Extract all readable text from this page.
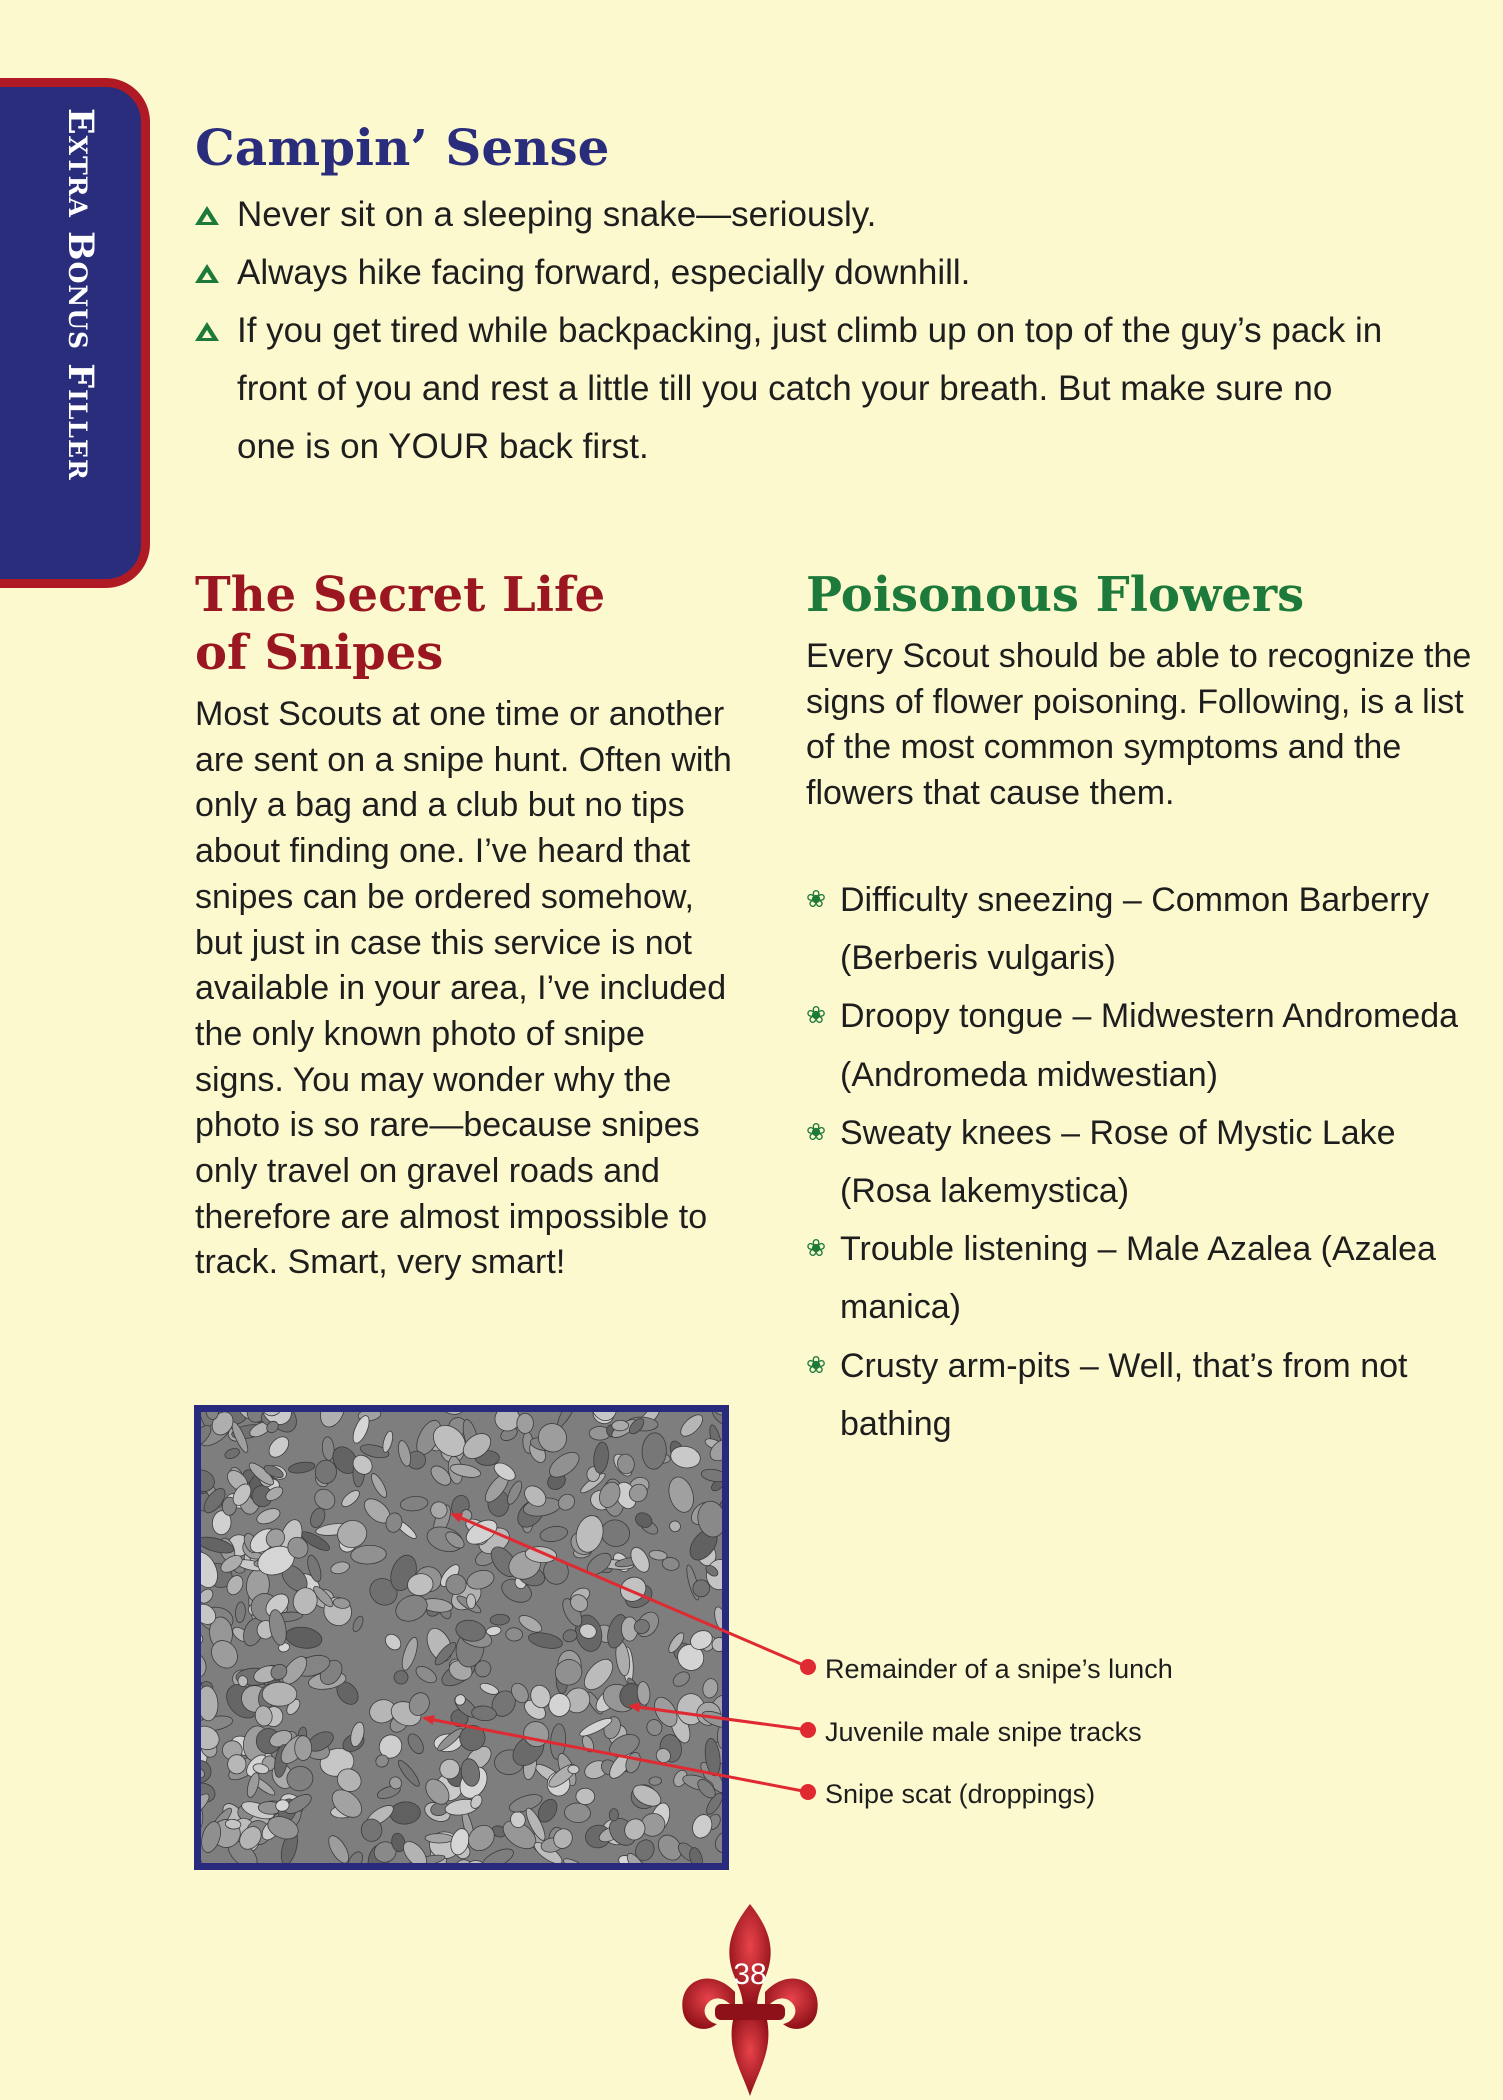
Extra Bonus Filler Campin’ Sense
Never sit on a sleeping snake—seriously.
Always hike facing forward, especially downhill.
If you get tired while backpacking, just climb up on top of the guy’s pack in front of you and rest a little till you catch your breath. But make sure no one is on YOUR back first.
The Secret Life
of Snipes

Most Scouts at one time or another are sent on a snipe hunt. Often with only a bag and a club but no tips about finding one. I’ve heard that snipes can be ordered somehow, but just in case this service is not available in your area, I’ve included the only known photo of snipe signs. You may wonder why the photo is so rare—because snipes only travel on gravel roads and therefore are almost impossible to track. Smart, very smart!

Poisonous Flowers

Every Scout should be able to recognize the signs of flower poisoning. Following, is a list of the most common symptoms and the flowers that cause them.

❀ Difficulty sneezing – Common Barberry (Berberis vulgaris)
❀ Droopy tongue – Midwestern Andromeda (Andromeda midwestian)
❀ Sweaty knees – Rose of Mystic Lake (Rosa lakemystica)
❀ Trouble listening – Male Azalea (Azalea manica)
❀ Crusty arm-pits – Well, that’s from not bathing
Remainder of a snipe’s lunch
Juvenile male snipe tracks
Snipe scat (droppings)
38
